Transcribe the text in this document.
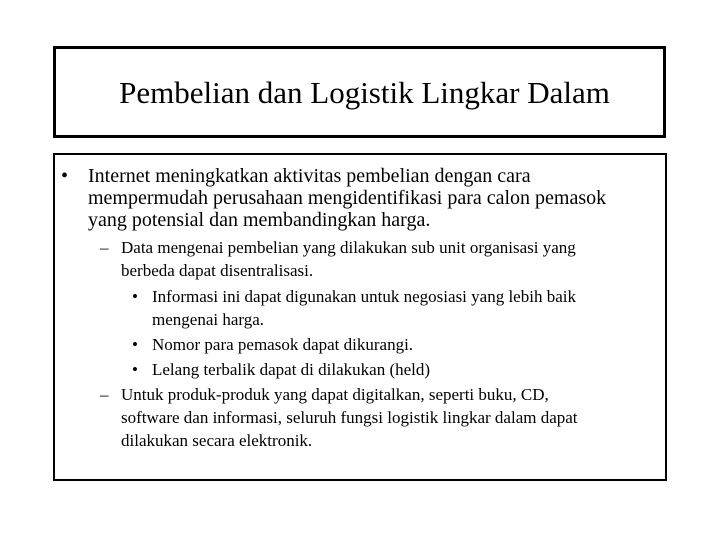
Pembelian dan Logistik Lingkar Dalam
• Internet meningkatkan aktivitas pembelian dengan cara
mempermudah perusahaan mengidentifikasi para calon pemasok
yang potensial dan membandingkan harga.
– Data mengenai pembelian yang dilakukan sub unit organisasi yang
berbeda dapat disentralisasi.
• Informasi ini dapat digunakan untuk negosiasi yang lebih baik
mengenai harga.
• Nomor para pemasok dapat dikurangi.
• Lelang terbalik dapat di dilakukan (held)
– Untuk produk-produk yang dapat digitalkan, seperti buku, CD,
software dan informasi, seluruh fungsi logistik lingkar dalam dapat
dilakukan secara elektronik.
